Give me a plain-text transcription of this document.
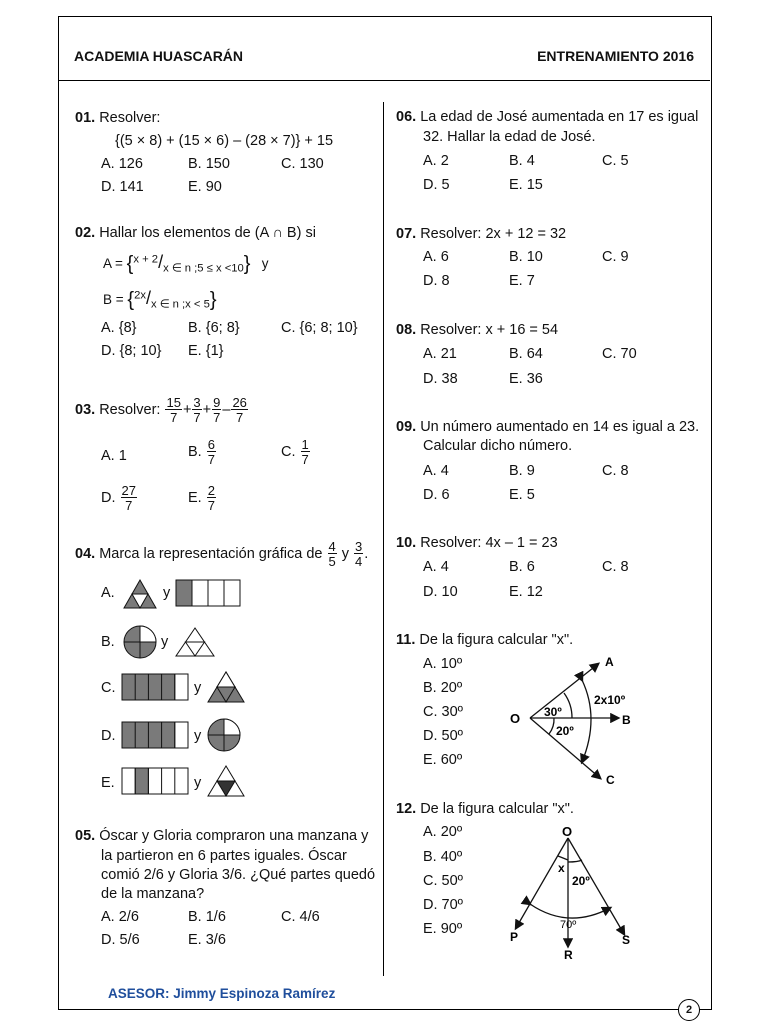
ACADEMIA HUASCARÁN	ENTRENAMIENTO 2016
01. Resolver:
{(5 × 8) + (15 × 6) – (28 × 7)} + 15
A. 126	B. 150	C. 130
D. 141	E. 90
02. Hallar los elementos de (A ∩ B) si
$A = \{^{x + 2}/_{x \in n ;5 \le x <10}\}$ y
$B = \{^{2x}/_{x \in n ;x < 5}\}$
A. {8}	B. {6; 8}	C. {6; 8; 10}
D. {8; 10} E. {1}
03. Resolver: $\frac{15}{7} + \frac{3}{7} + \frac{9}{7} - \frac{26}{7}$
A. 1	B. $\frac{6}{7}$	C. $\frac{1}{7}$
D. $\frac{27}{7}$	E. $\frac{2}{7}$
04. Marca la representación gráfica de $\frac{4}{5}$ y $\frac{3}{4}$ .
A.
B.
C.
D.
E.
y
y
y
y
y
05. Óscar y Gloria compraron una manzana y
la partieron en 6 partes iguales. Óscar
comió 2/6 y Gloria 3/6. ¿Qué partes quedó
de la manzana?
A. 2/6	B. 1/6	C. 4/6
D. 5/6	E. 3/6
06. La edad de José aumentada en 17 es igual
32. Hallar la edad de José.
A. 2	B. 4	C. 5
D. 5	E. 15
07. Resolver: 2x + 12 = 32
A. 6	B. 10	C. 9
D. 8	E. 7
08. Resolver: x + 16 = 54
A. 21	B. 64	C. 70
D. 38	E. 36
09. Un número aumentado en 14 es igual a 23.
Calcular dicho número.
A. 4	B. 9	C. 8
D. 6	E. 5
10. Resolver: 4x – 1 = 23
A. 4	B. 6	C. 8
D. 10	E. 12
11. De la figura calcular "x".
A. 10º
B. 20º
C. 30º
D. 50º
E. 60º
O
A
B
C
30º
20º
2x10º
12. De la figura calcular "x".
A. 20º
B. 40º
C. 50º
D. 70º
E. 90º
O
P
R
S
x
20º
70º
ASESOR: Jimmy Espinoza Ramírez
2
